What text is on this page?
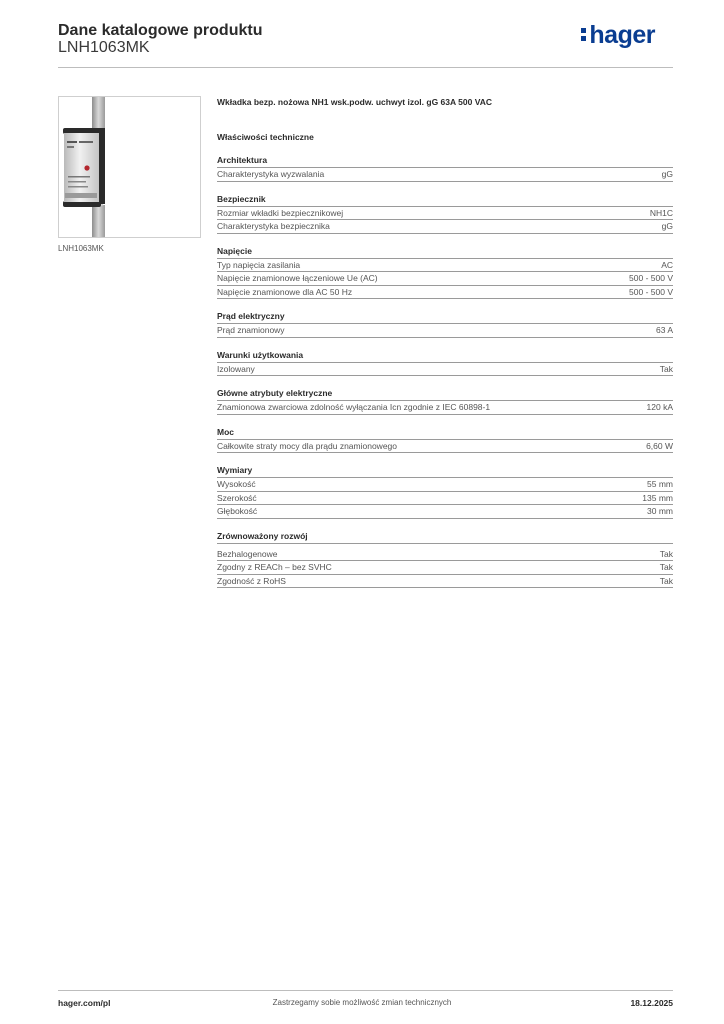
Dane katalogowe produktu
LNH1063MK	hager
LNH1063MK

Wkładka bezp. nożowa NH1 wsk.podw. uchwyt izol. gG 63A 500 VAC

Właściwości techniczne
Architektura
Charakterystyka wyzwalania	gG
Bezpiecznik
Rozmiar wkładki bezpiecznikowej	NH1C
Charakterystyka bezpiecznika	gG
Napięcie
Typ napięcia zasilania	AC
Napięcie znamionowe łączeniowe Ue (AC)	500 - 500 V
Napięcie znamionowe dla AC 50 Hz	500 - 500 V
Prąd elektryczny
Prąd znamionowy	63 A
Warunki użytkowania
Izolowany	Tak
Główne atrybuty elektryczne
Znamionowa zwarciowa zdolność wyłączania Icn zgodnie z IEC 60898-1	120 kA
Moc
Całkowite straty mocy dla prądu znamionowego	6,60 W
Wymiary
Wysokość	55 mm
Szerokość	135 mm
Głębokość	30 mm
Zrównoważony rozwój
Bezhalogenowe	Tak
Zgodny z REACh – bez SVHC	Tak
Zgodność z RoHS	Tak
hager.com/pl	Zastrzegamy sobie możliwość zmian technicznych	18.12.2025
